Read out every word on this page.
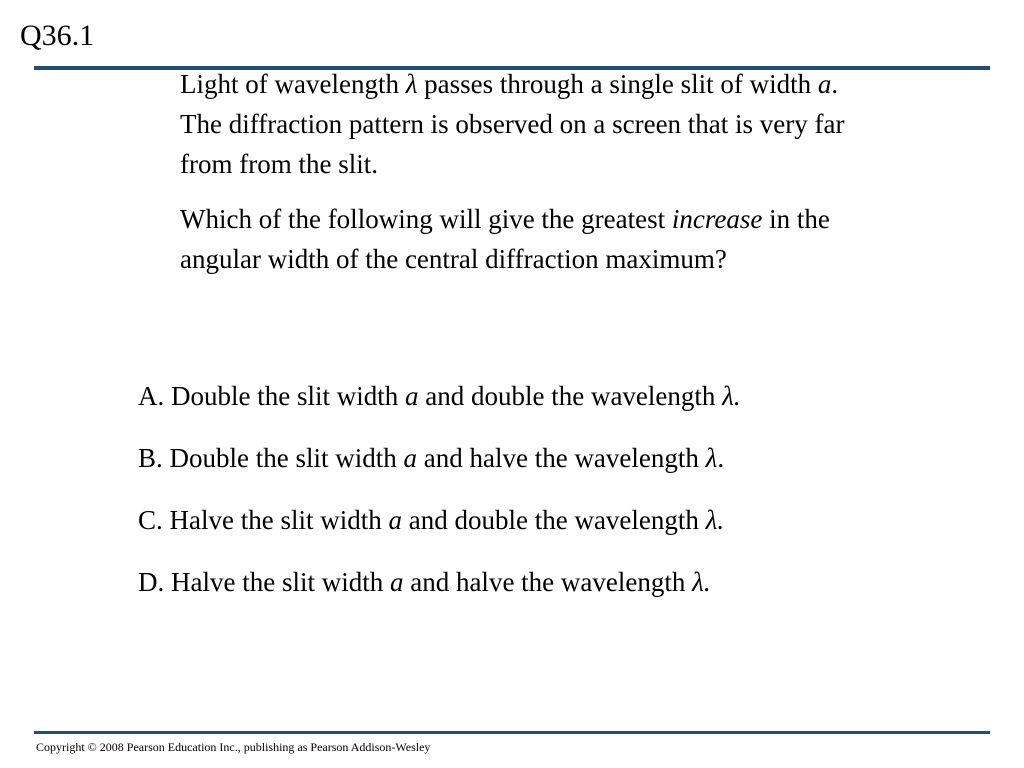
Q36.1

Light of wavelength λ passes through a single slit of width a. The diffraction pattern is observed on a screen that is very far from from the slit.

Which of the following will give the greatest increase in the angular width of the central diffraction maximum?

A. Double the slit width a and double the wavelength λ.
B. Double the slit width a and halve the wavelength λ.
C. Halve the slit width a and double the wavelength λ.
D. Halve the slit width a and halve the wavelength λ.
Copyright © 2008 Pearson Education Inc., publishing as Pearson Addison-Wesley
